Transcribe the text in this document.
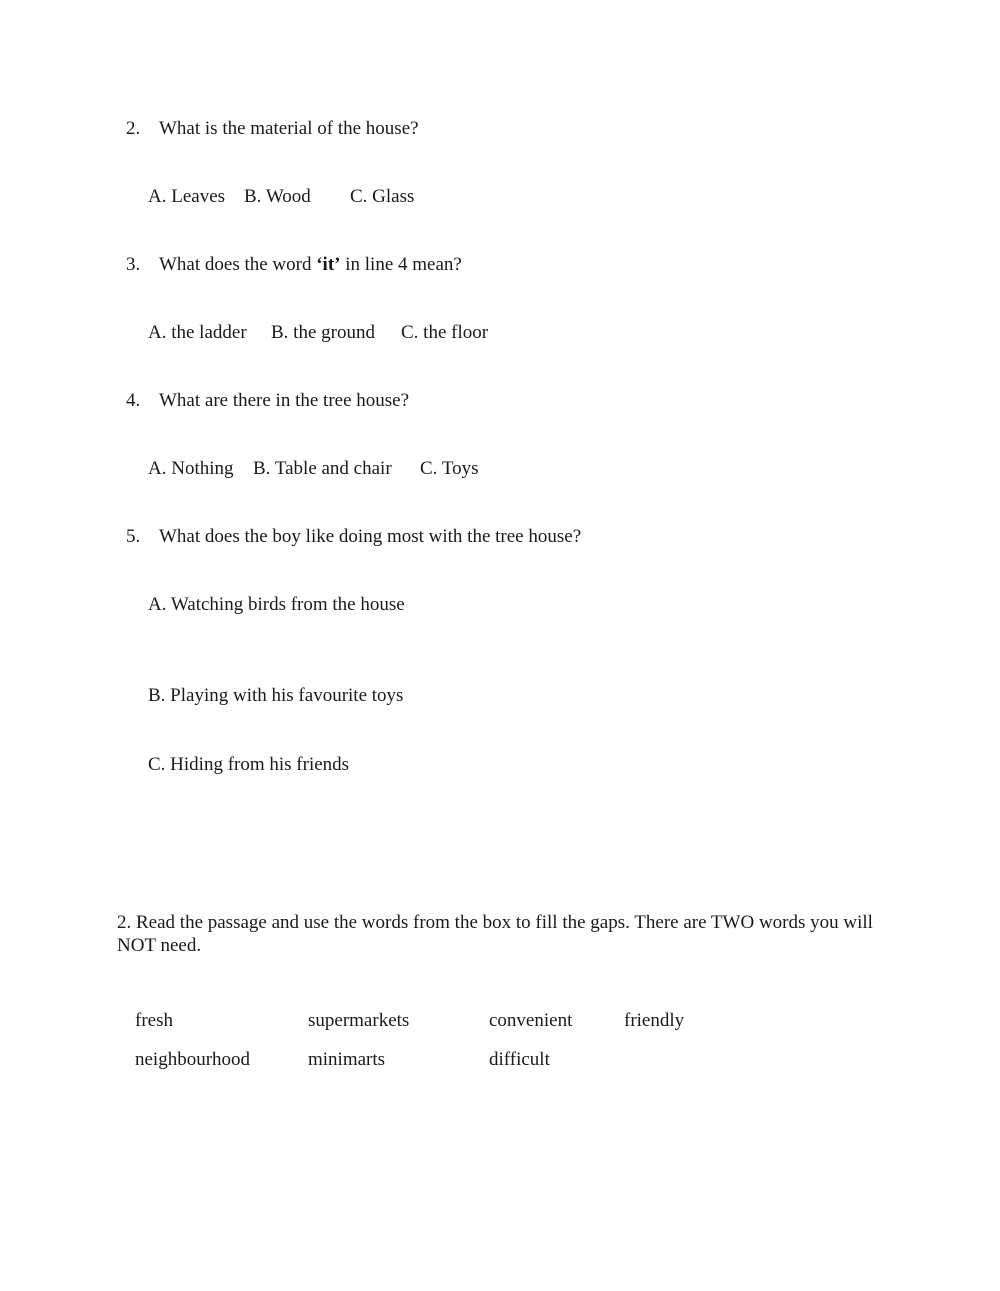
2. What is the material of the house?
A. Leaves B. Wood C. Glass
3. What does the word ‘it’ in line 4 mean?
A. the ladder B. the ground C. the floor
4. What are there in the tree house?
A. Nothing B. Table and chair C. Toys
5. What does the boy like doing most with the tree house?
A. Watching birds from the house
B. Playing with his favourite toys
C. Hiding from his friends
2. Read the passage and use the words from the box to fill the gaps. There are TWO words you will NOT need.
fresh	supermarkets	convenient	friendly
neighbourhood	minimarts	difficult
